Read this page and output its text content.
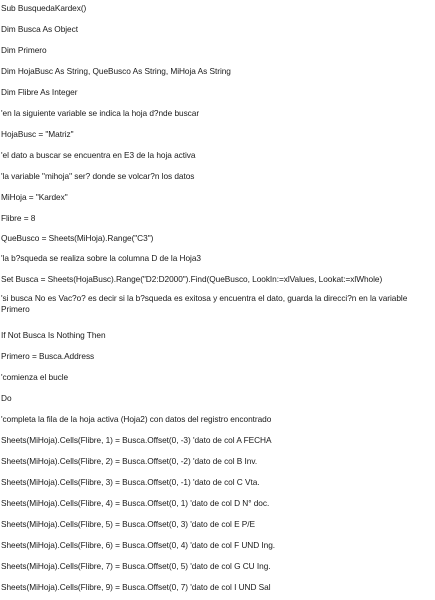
Sub BusquedaKardex()
Dim Busca As Object
Dim Primero
Dim HojaBusc As String, QueBusco As String, MiHoja As String
Dim Flibre As Integer
'en la siguiente variable se indica la hoja d?nde buscar
HojaBusc = "Matriz"
'el dato a buscar se encuentra en E3 de la hoja activa
'la variable "mihoja" ser? donde se volcar?n los datos
MiHoja = "Kardex"
Flibre = 8
QueBusco = Sheets(MiHoja).Range("C3")
'la b?squeda se realiza sobre la columna D de la Hoja3
Set Busca = Sheets(HojaBusc).Range("D2:D2000").Find(QueBusco, LookIn:=xlValues, Lookat:=xlWhole)
'si busca No es Vac?o? es decir si la b?squeda es exitosa y encuentra el dato, guarda la direcci?n en la variable Primero
If Not Busca Is Nothing Then
Primero = Busca.Address
'comienza el bucle
Do
'completa la fila de la hoja activa (Hoja2) con datos del registro encontrado
Sheets(MiHoja).Cells(Flibre, 1) = Busca.Offset(0, -3) 'dato de col A FECHA
Sheets(MiHoja).Cells(Flibre, 2) = Busca.Offset(0, -2) 'dato de col B Inv.
Sheets(MiHoja).Cells(Flibre, 3) = Busca.Offset(0, -1) 'dato de col C Vta.
Sheets(MiHoja).Cells(Flibre, 4) = Busca.Offset(0, 1) 'dato de col D N° doc.
Sheets(MiHoja).Cells(Flibre, 5) = Busca.Offset(0, 3) 'dato de col E P/E
Sheets(MiHoja).Cells(Flibre, 6) = Busca.Offset(0, 4) 'dato de col F UND Ing.
Sheets(MiHoja).Cells(Flibre, 7) = Busca.Offset(0, 5) 'dato de col G CU Ing.
Sheets(MiHoja).Cells(Flibre, 9) = Busca.Offset(0, 7) 'dato de col I UND Sal
